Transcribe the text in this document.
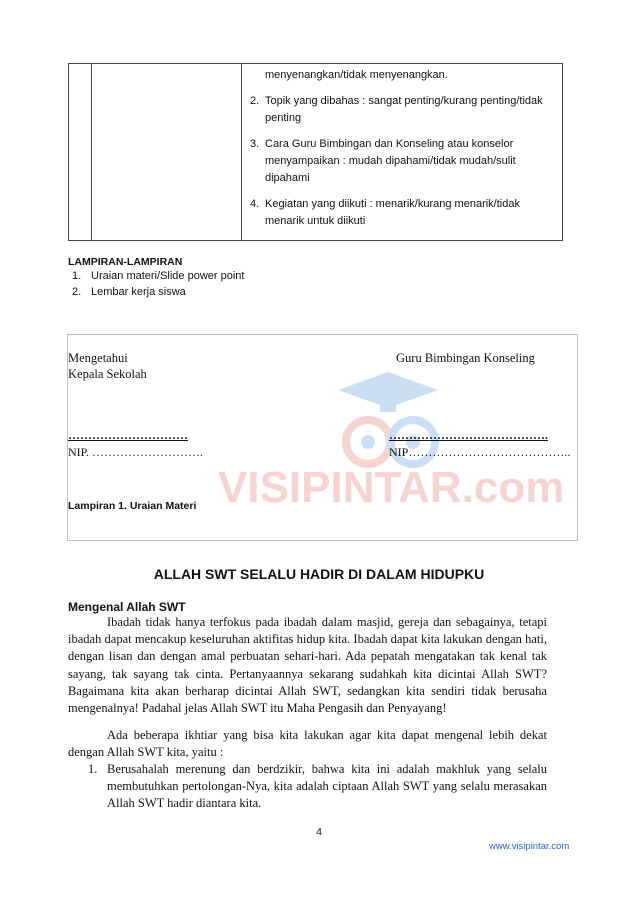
menyenangkan/tidak menyenangkan.
2. Topik yang dibahas : sangat penting/kurang penting/tidak penting
3. Cara Guru Bimbingan dan Konseling atau konselor menyampaikan : mudah dipahami/tidak mudah/sulit dipahami
4. Kegiatan yang diikuti : menarik/kurang menarik/tidak menarik untuk diikuti
LAMPIRAN-LAMPIRAN
1. Uraian materi/Slide power point
2. Lembar kerja siswa
VISIPINTAR.com
Mengetahui
Kepala Sekolah
Guru Bimbingan Konseling
…………………………	………………………………….
NIP. ……………………….	NIP…………………………………..
Lampiran 1. Uraian Materi
ALLAH SWT SELALU HADIR DI DALAM HIDUPKU
Mengenal Allah SWT
Ibadah tidak hanya terfokus pada ibadah dalam masjid, gereja dan sebagainya, tetapi ibadah dapat mencakup keseluruhan aktifitas hidup kita. Ibadah dapat kita lakukan dengan hati, dengan lisan dan dengan amal perbuatan sehari-hari. Ada pepatah mengatakan tak kenal tak sayang, tak sayang tak cinta. Pertanyaannya sekarang sudahkah kita dicintai Allah SWT? Bagaimana kita akan berharap dicintai Allah SWT, sedangkan kita sendiri tidak berusaha mengenalnya! Padahal jelas Allah SWT itu Maha Pengasih dan Penyayang!
Ada beberapa ikhtiar yang bisa kita lakukan agar kita dapat mengenal lebih dekat dengan Allah SWT kita, yaitu :
1. Berusahalah merenung dan berdzikir, bahwa kita ini adalah makhluk yang selalu membutuhkan pertolongan-Nya, kita adalah ciptaan Allah SWT yang selalu merasakan Allah SWT hadir diantara kita.
4
www.visipintar.com
